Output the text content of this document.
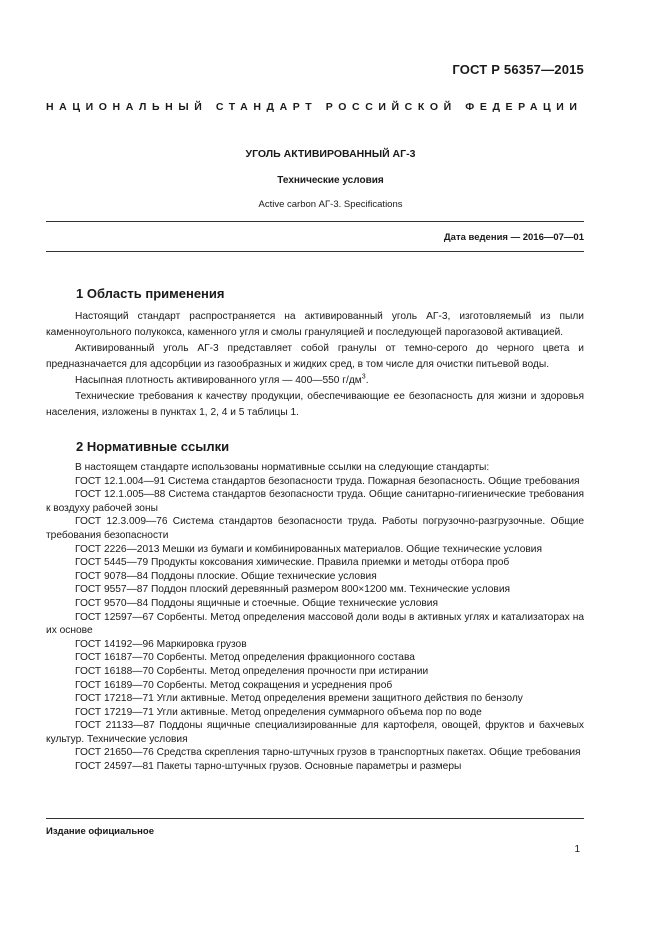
ГОСТ Р 56357—2015
НАЦИОНАЛЬНЫЙ СТАНДАРТ РОССИЙСКОЙ ФЕДЕРАЦИИ
УГОЛЬ АКТИВИРОВАННЫЙ АГ-3
Технические условия
Active carbon АГ-3. Specifications
Дата ведения — 2016—07—01
1 Область применения

Настоящий стандарт распространяется на активированный уголь АГ-3, изготовляемый из пыли каменноугольного полукокса, каменного угля и смолы грануляцией и последующей парогазовой активацией.

Активированный уголь АГ-3 представляет собой гранулы от темно-серого до черного цвета и предназначается для адсорбции из газообразных и жидких сред, в том числе для очистки питьевой воды.

Насыпная плотность активированного угля — 400—550 $г/дм^3$.

Технические требования к качеству продукции, обеспечивающие ее безопасность для жизни и здоровья населения, изложены в пунктах 1, 2, 4 и 5 таблицы 1.

2 Нормативные ссылки

В настоящем стандарте использованы нормативные ссылки на следующие стандарты:

ГОСТ 12.1.004—91 Система стандартов безопасности труда. Пожарная безопасность. Общие требования

ГОСТ 12.1.005—88 Система стандартов безопасности труда. Общие санитарно-гигиенические требования к воздуху рабочей зоны

ГОСТ 12.3.009—76 Система стандартов безопасности труда. Работы погрузочно-разгрузочные. Общие требования безопасности

ГОСТ 2226—2013 Мешки из бумаги и комбинированных материалов. Общие технические условия

ГОСТ 5445—79 Продукты коксования химические. Правила приемки и методы отбора проб

ГОСТ 9078—84 Поддоны плоские. Общие технические условия

ГОСТ 9557—87 Поддон плоский деревянный размером 800×1200 мм. Технические условия

ГОСТ 9570—84 Поддоны ящичные и стоечные. Общие технические условия

ГОСТ 12597—67 Сорбенты. Метод определения массовой доли воды в активных углях и катализаторах на их основе

ГОСТ 14192—96 Маркировка грузов

ГОСТ 16187—70 Сорбенты. Метод определения фракционного состава

ГОСТ 16188—70 Сорбенты. Метод определения прочности при истирании

ГОСТ 16189—70 Сорбенты. Метод сокращения и усреднения проб

ГОСТ 17218—71 Угли активные. Метод определения времени защитного действия по бензолу

ГОСТ 17219—71 Угли активные. Метод определения суммарного объема пор по воде

ГОСТ 21133—87 Поддоны ящичные специализированные для картофеля, овощей, фруктов и бахчевых культур. Технические условия

ГОСТ 21650—76 Средства скрепления тарно-штучных грузов в транспортных пакетах. Общие требования

ГОСТ 24597—81 Пакеты тарно-штучных грузов. Основные параметры и размеры

Издание официальное
1
